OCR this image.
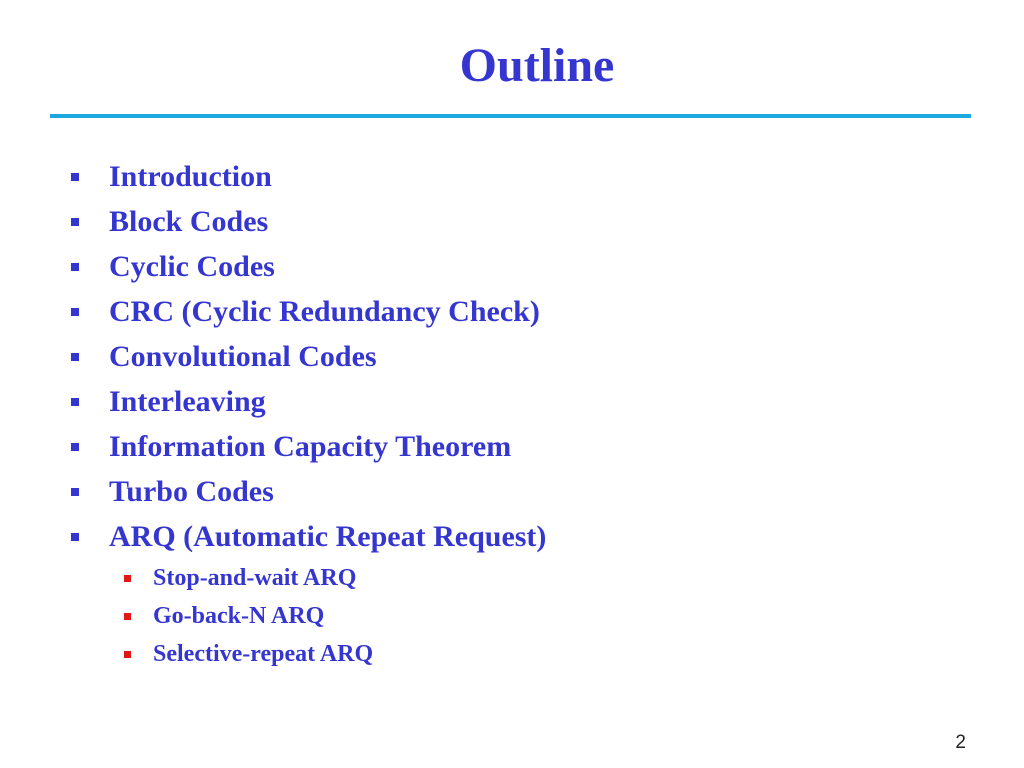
Outline
Introduction
Block Codes
Cyclic Codes
CRC (Cyclic Redundancy Check)
Convolutional Codes
Interleaving
Information Capacity Theorem
Turbo Codes
ARQ (Automatic Repeat Request)
Stop-and-wait ARQ
Go-back-N ARQ
Selective-repeat ARQ
2
